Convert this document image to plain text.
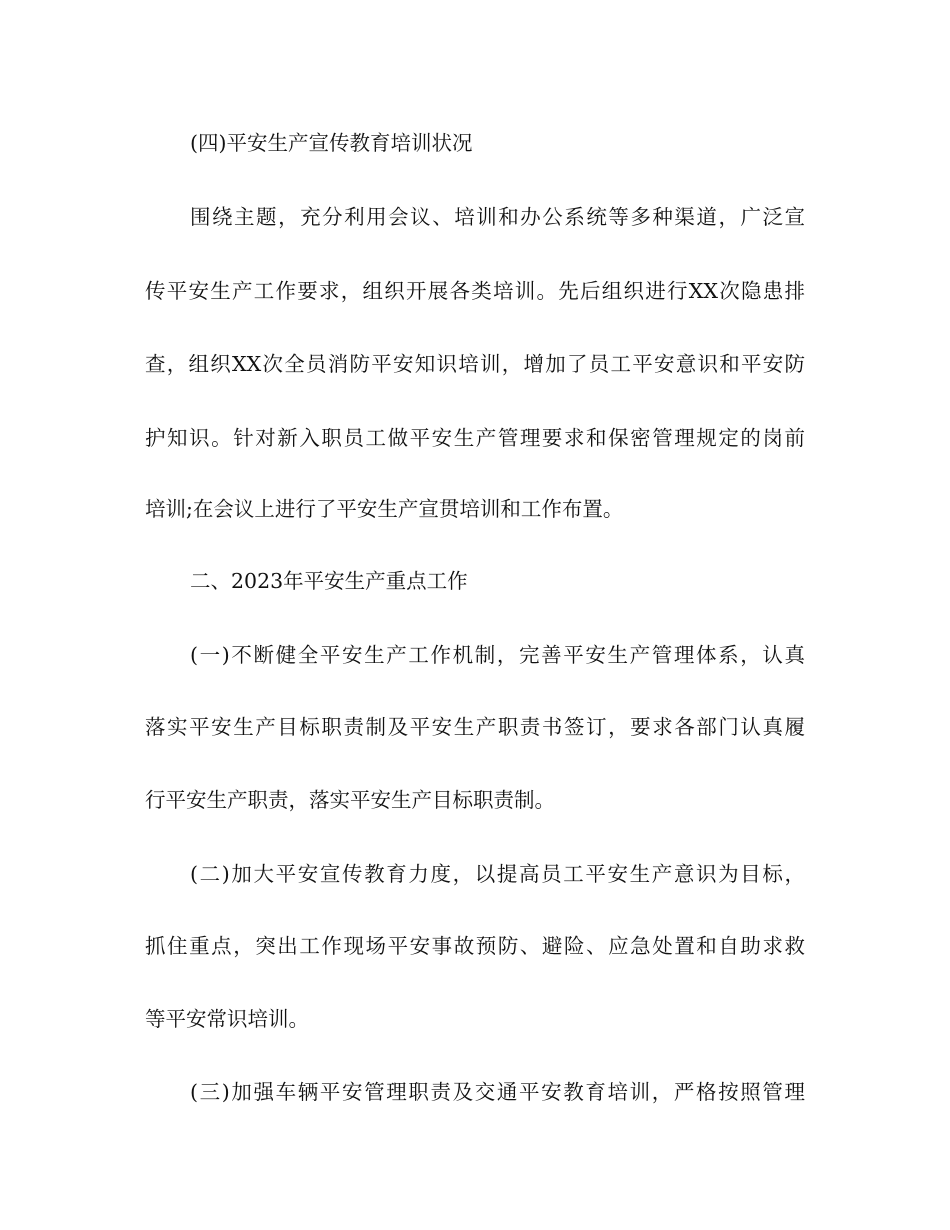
(四)平安生产宣传教育培训状况

围绕主题，充分利用会议、培训和办公系统等多种渠道，广泛宣

传平安生产工作要求，组织开展各类培训。先后组织进行XX次隐患排

查，组织XX次全员消防平安知识培训，增加了员工平安意识和平安防

护知识。针对新入职员工做平安生产管理要求和保密管理规定的岗前

培训;在会议上进行了平安生产宣贯培训和工作布置。

二、2023年平安生产重点工作

(一)不断健全平安生产工作机制，完善平安生产管理体系，认真

落实平安生产目标职责制及平安生产职责书签订，要求各部门认真履

行平安生产职责，落实平安生产目标职责制。

(二)加大平安宣传教育力度，以提高员工平安生产意识为目标，

抓住重点，突出工作现场平安事故预防、避险、应急处置和自助求救

等平安常识培训。

(三)加强车辆平安管理职责及交通平安教育培训，严格按照管理
